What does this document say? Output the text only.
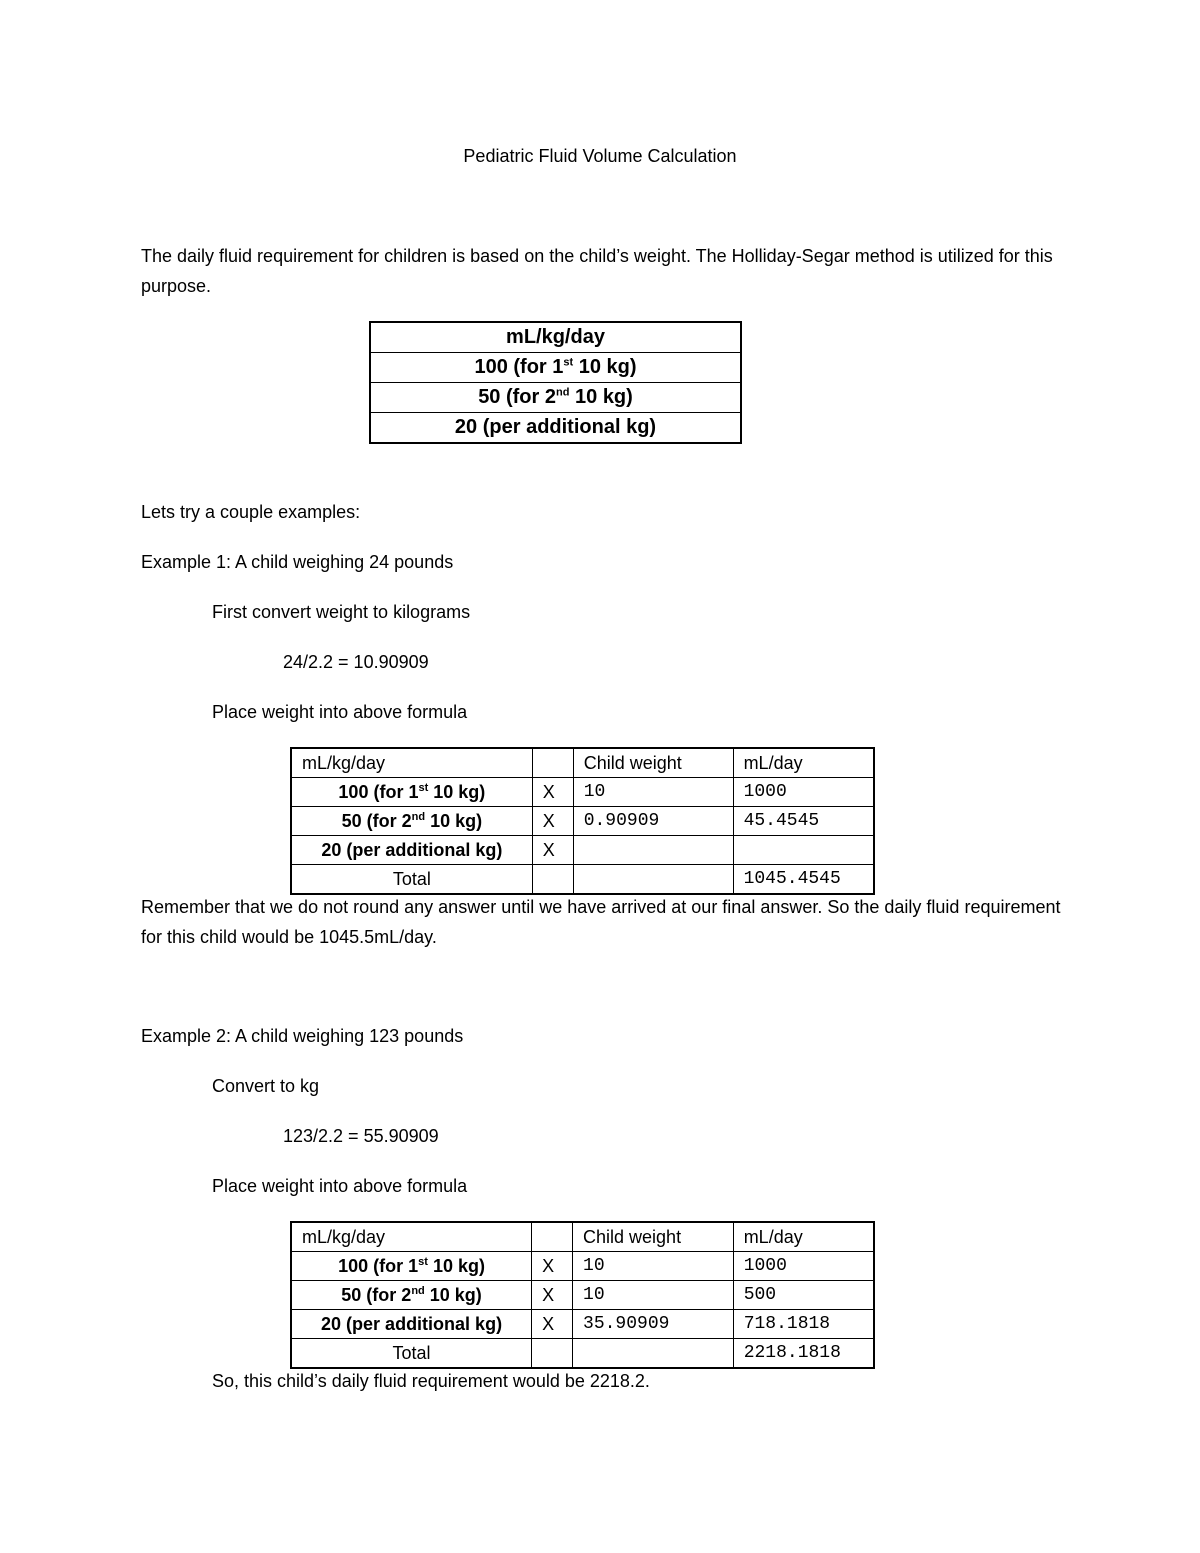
Pediatric Fluid Volume Calculation

The daily fluid requirement for children is based on the child’s weight. The Holliday-Segar method is utilized for this purpose.

mL/kg/day
100 (for 1st 10 kg)
50 (for 2nd 10 kg)
20 (per additional kg)

Lets try a couple examples:

Example 1: A child weighing 24 pounds

First convert weight to kilograms

24/2.2 = 10.90909

Place weight into above formula

mL/kg/day		Child weight	mL/day
100 (for 1st 10 kg)	X	10	1000
50 (for 2nd 10 kg)	X	0.90909	45.4545
20 (per additional kg)	X		
Total			1045.4545

Remember that we do not round any answer until we have arrived at our final answer. So the daily fluid requirement for this child would be 1045.5mL/day.

Example 2: A child weighing 123 pounds

Convert to kg

123/2.2 = 55.90909

Place weight into above formula

mL/kg/day		Child weight	mL/day
100 (for 1st 10 kg)	X	10	1000
50 (for 2nd 10 kg)	X	10	500
20 (per additional kg)	X	35.90909	718.1818
Total			2218.1818

So, this child’s daily fluid requirement would be 2218.2.
